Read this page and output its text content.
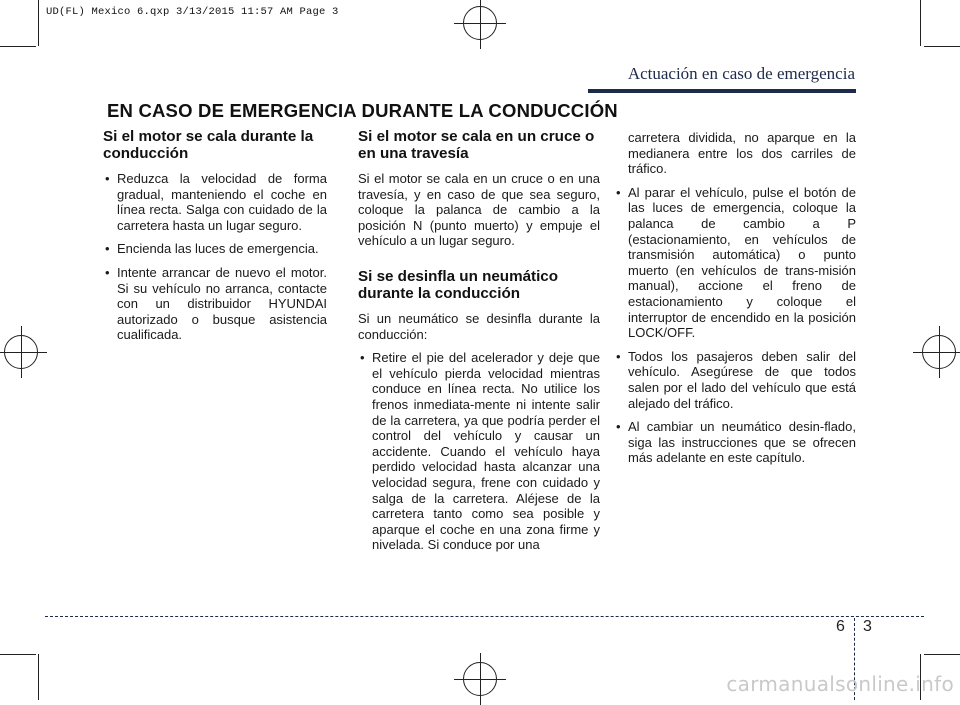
UD(FL) Mexico 6.qxp 3/13/2015 11:57 AM Page 3
Actuación en caso de emergencia
EN CASO DE EMERGENCIA DURANTE LA CONDUCCIÓN
Si el motor se cala durante la conducción
• Reduzca la velocidad de forma gradual, manteniendo el coche en línea recta. Salga con cuidado de la carretera hasta un lugar seguro.
• Encienda las luces de emergencia.
• Intente arrancar de nuevo el motor. Si su vehículo no arranca, contacte con un distribuidor HYUNDAI autorizado o busque asistencia cualificada.
Si el motor se cala en un cruce o en una travesía

Si el motor se cala en un cruce o en una travesía, y en caso de que sea seguro, coloque la palanca de cambio a la posición N (punto muerto) y empuje el vehículo a un lugar seguro.

Si se desinfla un neumático durante la conducción

Si un neumático se desinfla durante la conducción:

• Retire el pie del acelerador y deje que el vehículo pierda velocidad mientras conduce en línea recta. No utilice los frenos inmediata-mente ni intente salir de la carretera, ya que podría perder el control del vehículo y causar un accidente. Cuando el vehículo haya perdido velocidad hasta alcanzar una velocidad segura, frene con cuidado y salga de la carretera. Aléjese de la carretera tanto como sea posible y aparque el coche en una zona firme y nivelada. Si conduce por una

carretera dividida, no aparque en la medianera entre los dos carriles de tráfico.

• Al parar el vehículo, pulse el botón de las luces de emergencia, coloque la palanca de cambio a P (estacionamiento, en vehículos de transmisión automática) o punto muerto (en vehículos de trans-misión manual), accione el freno de estacionamiento y coloque el interruptor de encendido en la posición LOCK/OFF.
• Todos los pasajeros deben salir del vehículo. Asegúrese de que todos salen por el lado del vehículo que está alejado del tráfico.
• Al cambiar un neumático desin-flado, siga las instrucciones que se ofrecen más adelante en este capítulo.
6 3
carmanualsonline.info
